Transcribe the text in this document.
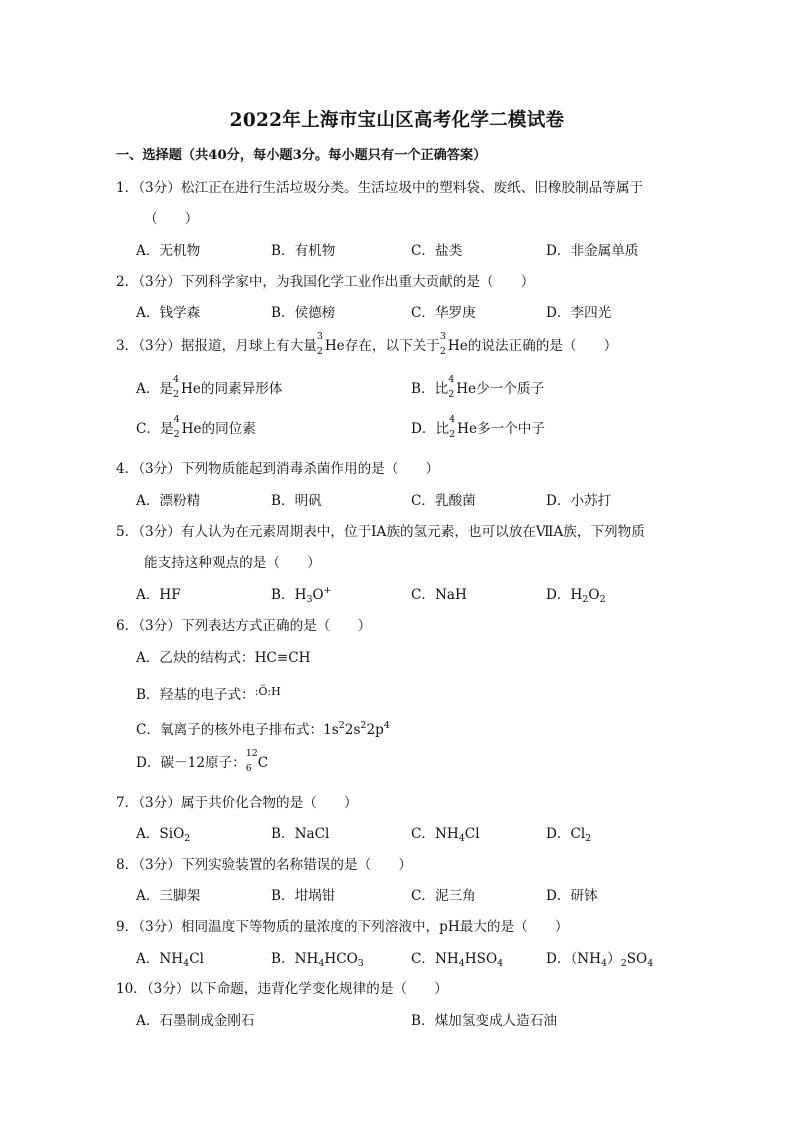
2022年上海市宝山区高考化学二模试卷
一、选择题（共40分，每小题3分。每小题只有一个正确答案）
1．（3分）松江正在进行生活垃圾分类。生活垃圾中的塑料袋、废纸、旧橡胶制品等属于
（　　）
A．无机物	B．有机物	C．盐类	D．非金属单质
2．（3分）下列科学家中，为我国化学工业作出重大贡献的是（　　）
A．钱学森	B．侯德榜	C．华罗庚	D．李四光
3．（3分）据报道，月球上有大量
3
2 He存在，以下关于
3
2 He的说法正确的是（　　）
A．是
4
2 He的同素异形体	B．比
4
2 He少一个质子
C．是
4
2 He的同位素	D．比
4
2 He多一个中子
4．（3分）下列物质能起到消毒杀菌作用的是（　　）
A．漂粉精	B．明矾	C．乳酸菌	D．小苏打
5．（3分）有人认为在元素周期表中，位于ⅠA族的氢元素，也可以放在ⅦA族，下列物质
能支持这种观点的是（　　）
A．HF	B．$H_3O^+$	C．NaH	D．$H_2O_2$
6．（3分）下列表达方式正确的是（　　）
A．乙炔的结构式：HC≡CH
B．羟基的电子式：$^{:Ö:H}$
C．氧离子的核外电子排布式：$1s^22s^22p^4$
D．碳－12原子：
12
6 C
7．（3分）属于共价化合物的是（　　）
A．SiO$_2$	B．NaCl	C．$NH_4Cl$	D．$Cl_2$
8．（3分）下列实验装置的名称错误的是（　　）
A．三脚架	B．坩埚钳	C．泥三角	D．研钵
9．（3分）相同温度下等物质的量浓度的下列溶液中，pH最大的是（　　）
A．$NH_4Cl$	B．$NH_4HCO_3$	C．$NH_4HSO_4$	D．$(NH_4)_2SO_4$
10．（3分）以下命题，违背化学变化规律的是（　　）
A．石墨制成金刚石	B．煤加氢变成人造石油
